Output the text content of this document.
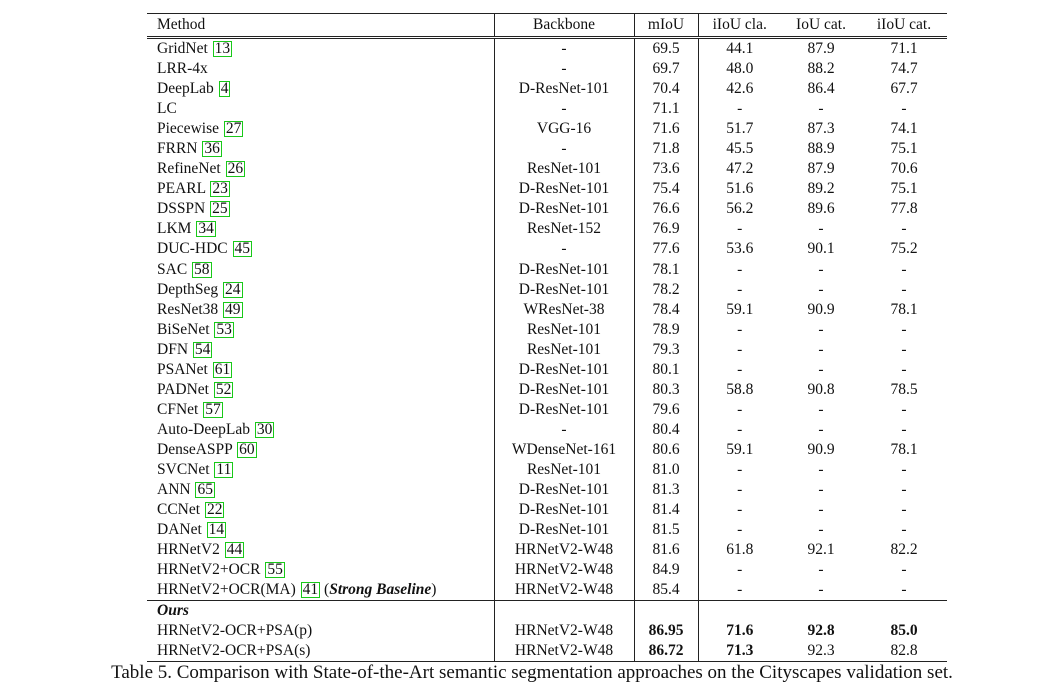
Method	Backbone	mIoU	iIoU cla.	IoU cat.	iIoU cat.
GridNet 13	-	69.5	44.1	87.9	71.1
LRR-4x	-	69.7	48.0	88.2	74.7
DeepLab 4	D-ResNet-101	70.4	42.6	86.4	67.7
LC	-	71.1	-	-	-
Piecewise 27	VGG-16	71.6	51.7	87.3	74.1
FRRN 36	-	71.8	45.5	88.9	75.1
RefineNet 26	ResNet-101	73.6	47.2	87.9	70.6
PEARL 23	D-ResNet-101	75.4	51.6	89.2	75.1
DSSPN 25	D-ResNet-101	76.6	56.2	89.6	77.8
LKM 34	ResNet-152	76.9	-	-	-
DUC-HDC 45	-	77.6	53.6	90.1	75.2
SAC 58	D-ResNet-101	78.1	-	-	-
DepthSeg 24	D-ResNet-101	78.2	-	-	-
ResNet38 49	WResNet-38	78.4	59.1	90.9	78.1
BiSeNet 53	ResNet-101	78.9	-	-	-
DFN 54	ResNet-101	79.3	-	-	-
PSANet 61	D-ResNet-101	80.1	-	-	-
PADNet 52	D-ResNet-101	80.3	58.8	90.8	78.5
CFNet 57	D-ResNet-101	79.6	-	-	-
Auto-DeepLab 30	-	80.4	-	-	-
DenseASPP 60	WDenseNet-161	80.6	59.1	90.9	78.1
SVCNet 11	ResNet-101	81.0	-	-	-
ANN 65	D-ResNet-101	81.3	-	-	-
CCNet 22	D-ResNet-101	81.4	-	-	-
DANet 14	D-ResNet-101	81.5	-	-	-
HRNetV2 44	HRNetV2-W48	81.6	61.8	92.1	82.2
HRNetV2+OCR 55	HRNetV2-W48	84.9	-	-	-
HRNetV2+OCR(MA) 41 (Strong Baseline)	HRNetV2-W48	85.4	-	-	-
Ours					
HRNetV2-OCR+PSA(p)	HRNetV2-W48	86.95	71.6	92.8	85.0
HRNetV2-OCR+PSA(s)	HRNetV2-W48	86.72	71.3	92.3	82.8
Table 5. Comparison with State-of-the-Art semantic segmentation approaches on the Cityscapes validation set.
